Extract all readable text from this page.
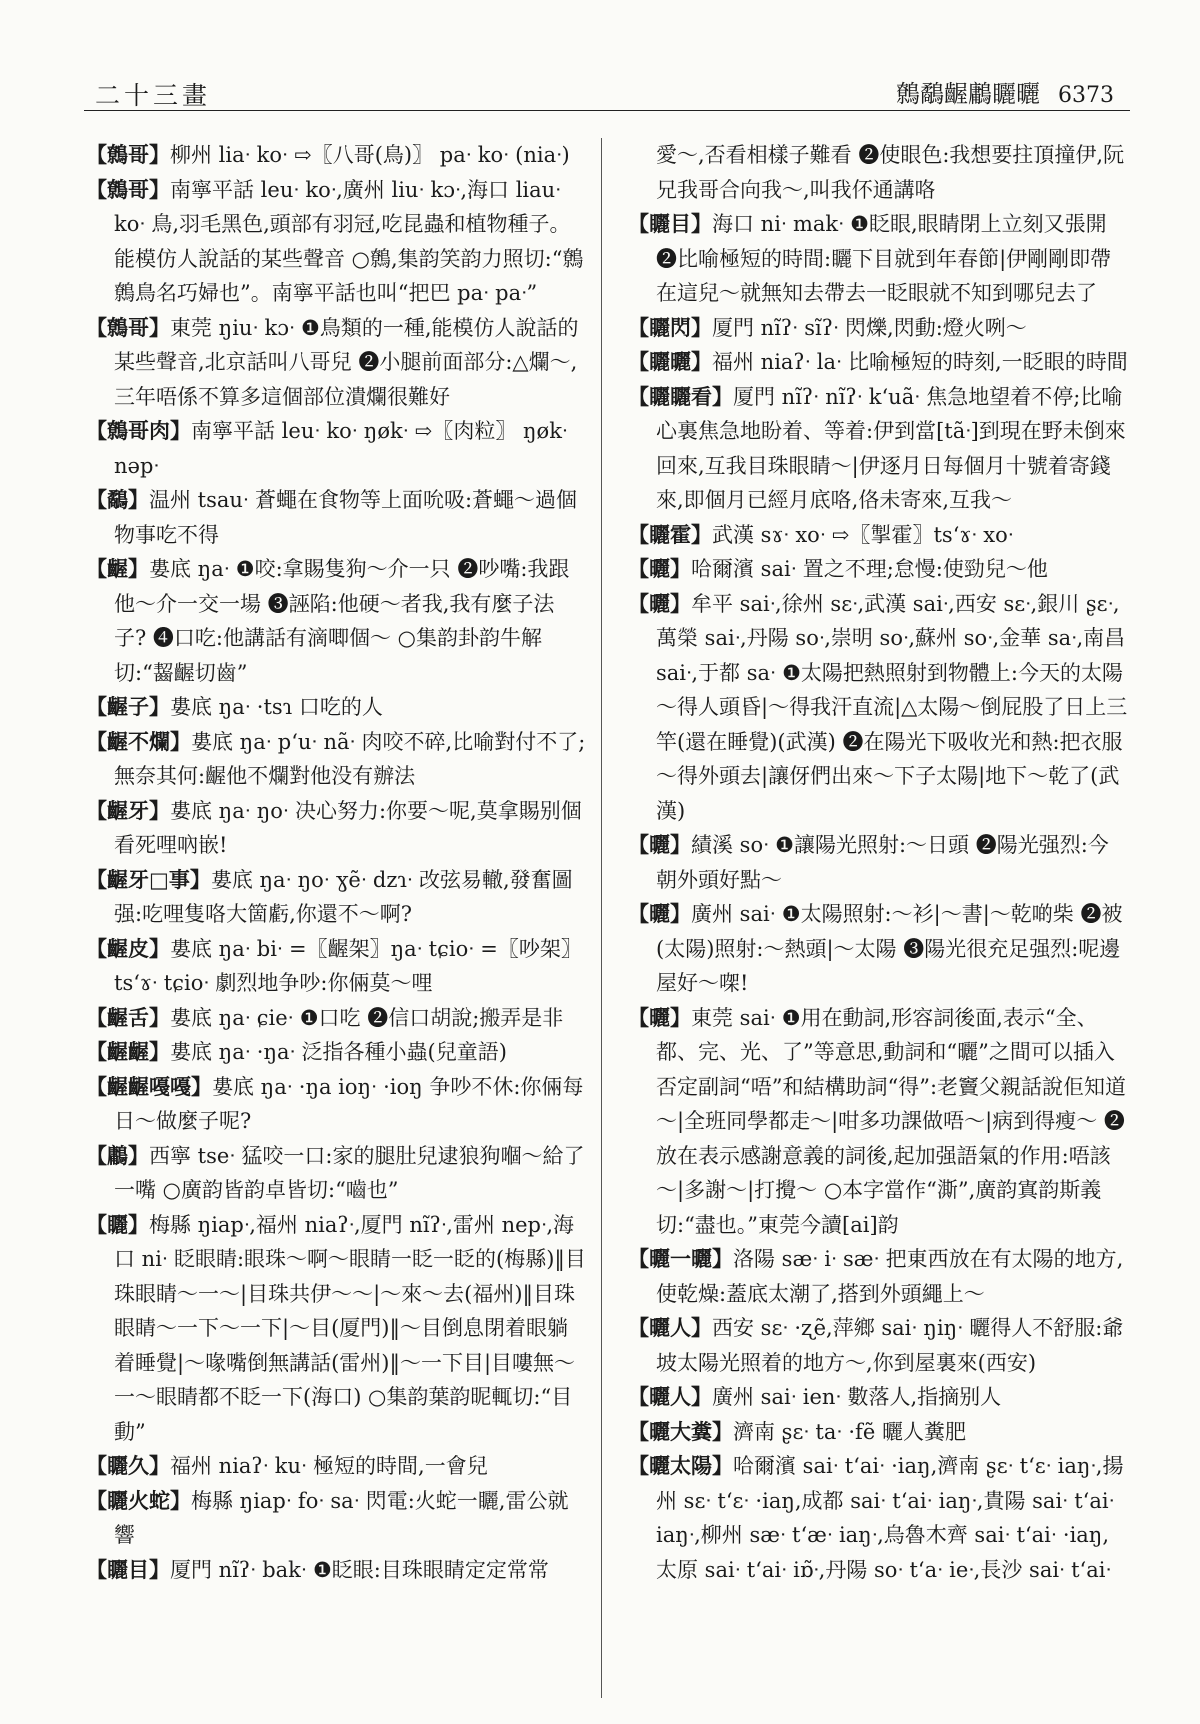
二十三畫	鷯鷸齷鷛矖曬 6373

【 鷯哥 】 柳州 liaᐧ koᐧ ⇨〖八哥(鳥)〗 paᐧ koᐧ (niaᐧ)

【 鷯哥 】 南寧平話 leuᐧ koᐧ,廣州 liuᐧ kɔᐧ,海口 liauᐧ koᐧ 鳥,羽毛黑色,頭部有羽冠,吃昆蟲和植物種子。能模仿人說話的某些聲音 ○鷯,集韵笑韵力照切:“鷯鷯鳥名巧婦也”。南寧平話也叫“把巴 paᐧ paᐧ”

【 鷯哥 】 東莞 ŋiuᐧ kɔᐧ ❶鳥類的一種,能模仿人說話的某些聲音,北京話叫八哥兒 ❷小腿前面部分:△爛～,三年唔係不算多這個部位潰爛很難好

【 鷯哥肉 】 南寧平話 leuᐧ koᐧ ŋøkᐧ ⇨〖肉粒〗 ŋøkᐧ nəpᐧ

【 鷸 】 温州 tsauᐧ 蒼蠅在食物等上面吮吸:蒼蠅～過個物事吃不得

【 齷 】 婁底 ŋaᐧ ❶咬:拿賜隻狗～介一只 ❷吵嘴:我跟他～介一交一場 ❸誣陷:他硬～者我,我有麼子法子? ❹口吃:他講話有滴唧個～ ○集韵卦韵牛解切:“齧齷切齒”

【 齷子 】 婁底 ŋaᐧ ·tsɿ 口吃的人

【 齷不爛 】 婁底 ŋaᐧ pʻuᐧ nãᐧ 肉咬不碎,比喻對付不了;無奈其何:齷他不爛對他没有辦法

【 齷牙 】 婁底 ŋaᐧ ŋoᐧ 决心努力:你要～呢,莫拿賜别個看死哩吶嵌!

【 齷牙□事 】 婁底 ŋaᐧ ŋoᐧ ɣẽᐧ dzɿᐧ 改弦易轍,發奮圖强:吃哩隻咯大箇虧,你還不～啊?

【 齷皮 】 婁底 ŋaᐧ biᐧ =〖齷架〗ŋaᐧ tɕioᐧ =〖吵架〗tsʻɤᐧ tɕioᐧ 劇烈地争吵:你倆莫～哩

【 齷舌 】 婁底 ŋaᐧ ɕieᐧ ❶口吃 ❷信口胡說;搬弄是非

【 齷齷 】 婁底 ŋaᐧ ·ŋaᐧ 泛指各種小蟲(兒童語)

【 齷齷嘠嘠 】 婁底 ŋaᐧ ·ŋa ioŋᐧ ·ioŋ 争吵不休:你倆每日～做麼子呢?

【 鷛 】 西寧 tseᐧ 猛咬一口:家的腿肚兒逮狼狗嗰～給了一嘴 ○廣韵皆韵卓皆切:“嚙也”

【 矖 】 梅縣 ŋiapᐧ,福州 niaʔᐧ,厦門 nĩʔᐧ,雷州 nepᐧ,海口 niᐧ 眨眼睛:眼珠～啊～眼睛一眨一眨的(梅縣)‖目珠眼睛～一～|目珠共伊～～|～來～去(福州)‖目珠眼睛～一下～一下|～目(厦門)‖～目倒息閉着眼躺着睡覺|～喙嘴倒無講話(雷州)‖～一下目|目嘍無～一～眼睛都不眨一下(海口) ○集韵葉韵昵輒切:“目動”

【 矖久 】 福州 niaʔᐧ kuᐧ 極短的時間,一會兒

【 矖火蛇 】 梅縣 ŋiapᐧ foᐧ saᐧ 閃電:火蛇一矖,雷公就響

【 矖目 】 厦門 nĩʔᐧ bakᐧ ❶眨眼:目珠眼睛定定常常

愛～,否看相樣子難看 ❷使眼色:我想要拄頂撞伊,阮兄我哥合向我～,叫我伓通講咯

【 矖目 】 海口 niᐧ makᐧ ❶眨眼,眼睛閉上立刻又張開 ❷比喻極短的時間:矖下目就到年春節|伊剛剛即帶在這兒～就無知去帶去一眨眼就不知到哪兒去了

【 矖閃 】 厦門 nĩʔᐧ sĩʔᐧ 閃爍,閃動:燈火咧～

【 矖曬 】 福州 niaʔᐧ laᐧ 比喻極短的時刻,一眨眼的時間

【 矖矖看 】 厦門 nĩʔᐧ nĩʔᐧ kʻuãᐧ 焦急地望着不停;比喻心裏焦急地盼着、等着:伊到當[tãᐧ]到現在野未倒來回來,互我目珠眼睛～|伊逐月日每個月十號着寄錢來,即個月已經月底咯,佫未寄來,互我～

【 矖霍 】 武漢 sɤᐧ xoᐧ ⇨〖掣霍〗tsʻɤᐧ xoᐧ

【 曬 】 哈爾濱 saiᐧ 置之不理;怠慢:使勁兒～他

【 曬 】 牟平 saiᐧ,徐州 sɛᐧ,武漢 saiᐧ,西安 sɛᐧ,銀川 ʂɛᐧ,萬榮 saiᐧ,丹陽 soᐧ,崇明 soᐧ,蘇州 soᐧ,金華 saᐧ,南昌 saiᐧ,于都 saᐧ ❶太陽把熱照射到物體上:今天的太陽～得人頭昏|～得我汗直流|△太陽～倒屁股了日上三竿(還在睡覺)(武漢) ❷在陽光下吸收光和熱:把衣服～得外頭去|讓伢們出來～下子太陽|地下～乾了(武漢)

【 曬 】 績溪 soᐧ ❶讓陽光照射:～日頭 ❷陽光强烈:今朝外頭好點～

【 曬 】 廣州 saiᐧ ❶太陽照射:～衫|～書|～乾啲柴 ❷被(太陽)照射:～熱頭|～太陽 ❸陽光很充足强烈:呢邊屋好～㗎!

【 曬 】 東莞 saiᐧ ❶用在動詞,形容詞後面,表示“全、都、完、光、了”等意思,動詞和“曬”之間可以插入否定副詞“唔”和結構助詞“得”:老竇父親話說佢知道～|全班同學都走～|咁多功課做唔～|病到得瘦～ ❷放在表示感謝意義的詞後,起加强語氣的作用:唔該～|多謝～|打攪～ ○本字當作“澌”,廣韵寘韵斯義切:“盡也。”東莞今讀[ai]韵

【 曬一曬 】 洛陽 sæᐧ iᐧ sæᐧ 把東西放在有太陽的地方,使乾燥:蓋底太潮了,搭到外頭繩上～

【 曬人 】 西安 sɛᐧ ·ʐẽ,萍鄉 saiᐧ ŋiŋᐧ 曬得人不舒服:爺坡太陽光照着的地方～,你到屋裏來(西安)

【 曬人 】 廣州 saiᐧ ienᐧ 數落人,指摘别人

【 曬大糞 】 濟南 ʂɛᐧ taᐧ ·fẽ 曬人糞肥

【 曬太陽 】 哈爾濱 saiᐧ tʻaiᐧ ·iaŋ,濟南 ʂɛᐧ tʻɛᐧ iaŋᐧ,揚州 sɛᐧ tʻɛᐧ ·iaŋ,成都 saiᐧ tʻaiᐧ iaŋᐧ,貴陽 saiᐧ tʻaiᐧ iaŋᐧ,柳州 sæᐧ tʻæᐧ iaŋᐧ,烏魯木齊 saiᐧ tʻaiᐧ ·iaŋ,太原 saiᐧ tʻaiᐧ iɒ̃ᐧ,丹陽 soᐧ tʻaᐧ ieᐧ,長沙 saiᐧ tʻaiᐧ
